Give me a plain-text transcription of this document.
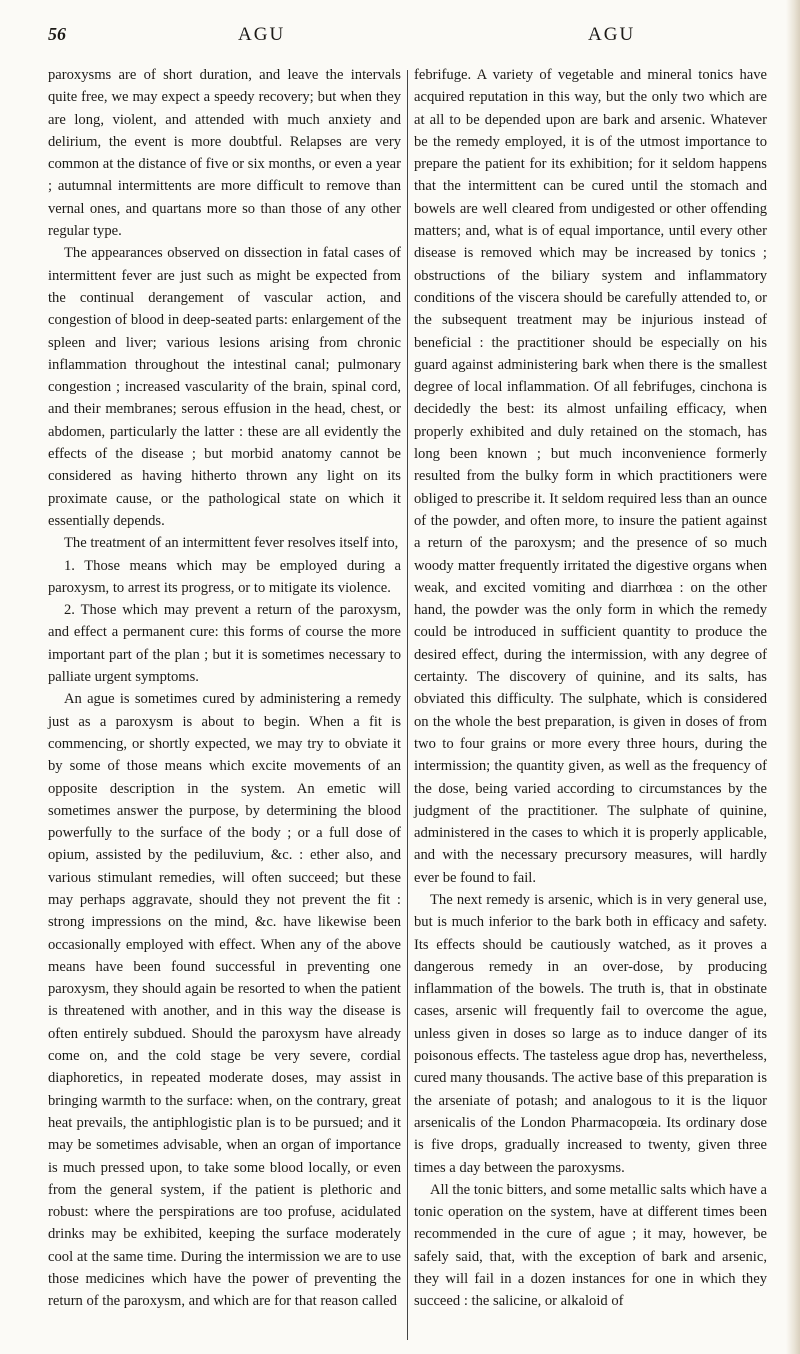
56	AGU	AGU

paroxysms are of short duration, and leave the intervals quite free, we may expect a speedy recovery; but when they are long, violent, and attended with much anxiety and delirium, the event is more doubtful. Relapses are very common at the distance of five or six months, or even a year ; autumnal intermittents are more difficult to remove than vernal ones, and quartans more so than those of any other regular type.

The appearances observed on dissection in fatal cases of intermittent fever are just such as might be expected from the continual derangement of vascular action, and congestion of blood in deep-seated parts: enlargement of the spleen and liver; various lesions arising from chronic inflammation throughout the intestinal canal; pulmonary congestion ; increased vascularity of the brain, spinal cord, and their membranes; serous effusion in the head, chest, or abdomen, particularly the latter : these are all evidently the effects of the disease ; but morbid anatomy cannot be considered as having hitherto thrown any light on its proximate cause, or the pathological state on which it essentially depends.

The treatment of an intermittent fever resolves itself into,

1. Those means which may be employed during a paroxysm, to arrest its progress, or to mitigate its violence.

2. Those which may prevent a return of the paroxysm, and effect a permanent cure: this forms of course the more important part of the plan ; but it is sometimes necessary to palliate urgent symptoms.

An ague is sometimes cured by administering a remedy just as a paroxysm is about to begin. When a fit is commencing, or shortly expected, we may try to obviate it by some of those means which excite movements of an opposite description in the system. An emetic will sometimes answer the purpose, by determining the blood powerfully to the surface of the body ; or a full dose of opium, assisted by the pediluvium, &c. : ether also, and various stimulant remedies, will often succeed; but these may perhaps aggravate, should they not prevent the fit : strong impressions on the mind, &c. have likewise been occasionally employed with effect. When any of the above means have been found successful in preventing one paroxysm, they should again be resorted to when the patient is threatened with another, and in this way the disease is often entirely subdued. Should the paroxysm have already come on, and the cold stage be very severe, cordial diaphoretics, in repeated moderate doses, may assist in bringing warmth to the surface: when, on the contrary, great heat prevails, the antiphlogistic plan is to be pursued; and it may be sometimes advisable, when an organ of importance is much pressed upon, to take some blood locally, or even from the general system, if the patient is plethoric and robust: where the perspirations are too profuse, acidulated drinks may be exhibited, keeping the surface moderately cool at the same time. During the intermission we are to use those medicines which have the power of preventing the return of the paroxysm, and which are for that reason called

febrifuge. A variety of vegetable and mineral tonics have acquired reputation in this way, but the only two which are at all to be depended upon are bark and arsenic. Whatever be the remedy employed, it is of the utmost importance to prepare the patient for its exhibition; for it seldom happens that the intermittent can be cured until the stomach and bowels are well cleared from undigested or other offending matters; and, what is of equal importance, until every other disease is removed which may be increased by tonics ; obstructions of the biliary system and inflammatory conditions of the viscera should be carefully attended to, or the subsequent treatment may be injurious instead of beneficial : the practitioner should be especially on his guard against administering bark when there is the smallest degree of local inflammation. Of all febrifuges, cinchona is decidedly the best: its almost unfailing efficacy, when properly exhibited and duly retained on the stomach, has long been known ; but much inconvenience formerly resulted from the bulky form in which practitioners were obliged to prescribe it. It seldom required less than an ounce of the powder, and often more, to insure the patient against a return of the paroxysm; and the presence of so much woody matter frequently irritated the digestive organs when weak, and excited vomiting and diarrhœa : on the other hand, the powder was the only form in which the remedy could be introduced in sufficient quantity to produce the desired effect, during the intermission, with any degree of certainty. The discovery of quinine, and its salts, has obviated this difficulty. The sulphate, which is considered on the whole the best preparation, is given in doses of from two to four grains or more every three hours, during the intermission; the quantity given, as well as the frequency of the dose, being varied according to circumstances by the judgment of the practitioner. The sulphate of quinine, administered in the cases to which it is properly applicable, and with the necessary precursory measures, will hardly ever be found to fail.

The next remedy is arsenic, which is in very general use, but is much inferior to the bark both in efficacy and safety. Its effects should be cautiously watched, as it proves a dangerous remedy in an over-dose, by producing inflammation of the bowels. The truth is, that in obstinate cases, arsenic will frequently fail to overcome the ague, unless given in doses so large as to induce danger of its poisonous effects. The tasteless ague drop has, nevertheless, cured many thousands. The active base of this preparation is the arseniate of potash; and analogous to it is the liquor arsenicalis of the London Pharmacopœia. Its ordinary dose is five drops, gradually increased to twenty, given three times a day between the paroxysms.

All the tonic bitters, and some metallic salts which have a tonic operation on the system, have at different times been recommended in the cure of ague ; it may, however, be safely said, that, with the exception of bark and arsenic, they will fail in a dozen instances for one in which they succeed : the salicine, or alkaloid of
